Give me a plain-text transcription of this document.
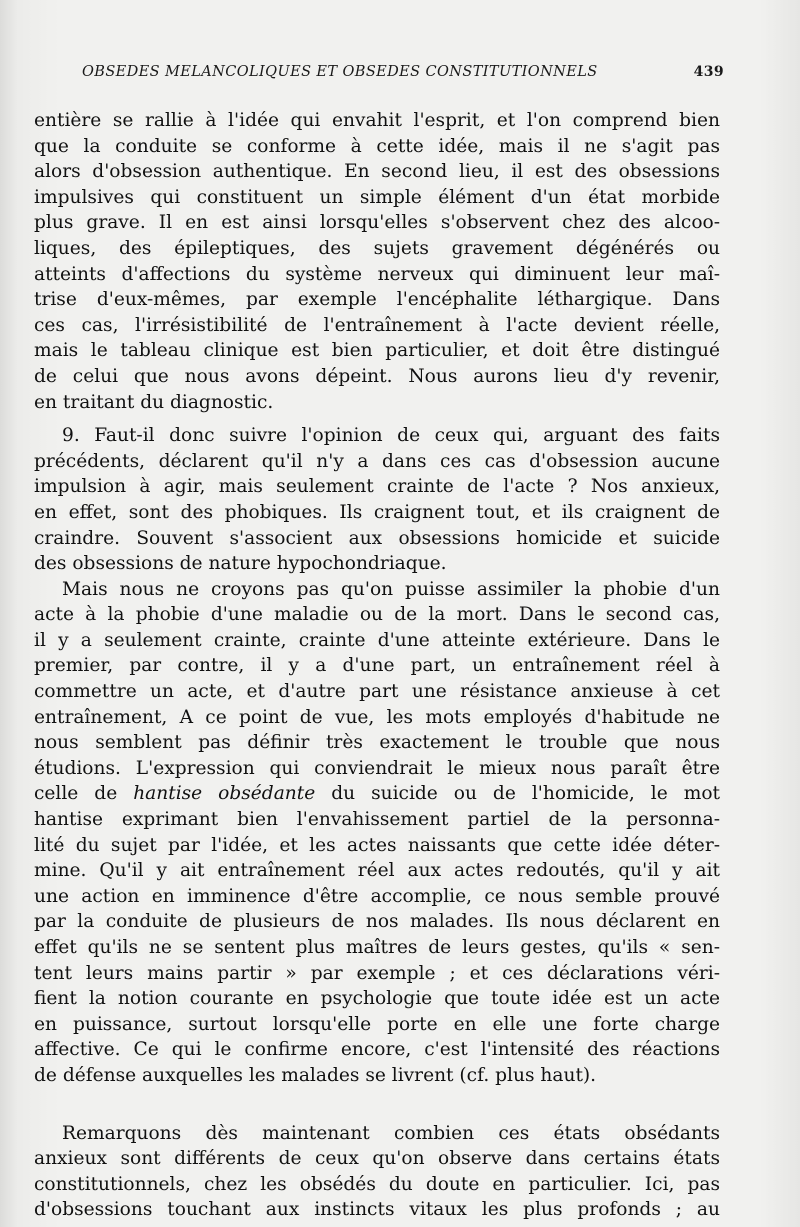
OBSEDES MELANCOLIQUES ET OBSEDES CONSTITUTIONNELS	439

entière se rallie à l'idée qui envahit l'esprit, et l'on comprend bien

que la conduite se conforme à cette idée, mais il ne s'agit pas

alors d'obsession authentique. En second lieu, il est des obsessions

impulsives qui constituent un simple élément d'un état morbide

plus grave. Il en est ainsi lorsqu'elles s'observent chez des alcoo-

liques, des épileptiques, des sujets gravement dégénérés ou

atteints d'affections du système nerveux qui diminuent leur maî-

trise d'eux-mêmes, par exemple l'encéphalite léthargique. Dans

ces cas, l'irrésistibilité de l'entraînement à l'acte devient réelle,

mais le tableau clinique est bien particulier, et doit être distingué

de celui que nous avons dépeint. Nous aurons lieu d'y revenir,

en traitant du diagnostic.

9. Faut-il donc suivre l'opinion de ceux qui, arguant des faits

précédents, déclarent qu'il n'y a dans ces cas d'obsession aucune

impulsion à agir, mais seulement crainte de l'acte ? Nos anxieux,

en effet, sont des phobiques. Ils craignent tout, et ils craignent de

craindre. Souvent s'associent aux obsessions homicide et suicide

des obsessions de nature hypochondriaque.

Mais nous ne croyons pas qu'on puisse assimiler la phobie d'un

acte à la phobie d'une maladie ou de la mort. Dans le second cas,

il y a seulement crainte, crainte d'une atteinte extérieure. Dans le

premier, par contre, il y a d'une part, un entraînement réel à

commettre un acte, et d'autre part une résistance anxieuse à cet

entraînement, A ce point de vue, les mots employés d'habitude ne

nous semblent pas définir très exactement le trouble que nous

étudions. L'expression qui conviendrait le mieux nous paraît être

celle de hantise obsédante du suicide ou de l'homicide, le mot

hantise exprimant bien l'envahissement partiel de la personna-

lité du sujet par l'idée, et les actes naissants que cette idée déter-

mine. Qu'il y ait entraînement réel aux actes redoutés, qu'il y ait

une action en imminence d'être accomplie, ce nous semble prouvé

par la conduite de plusieurs de nos malades. Ils nous déclarent en

effet qu'ils ne se sentent plus maîtres de leurs gestes, qu'ils « sen-

tent leurs mains partir » par exemple ; et ces déclarations véri-

fient la notion courante en psychologie que toute idée est un acte

en puissance, surtout lorsqu'elle porte en elle une forte charge

affective. Ce qui le confirme encore, c'est l'intensité des réactions

de défense auxquelles les malades se livrent (cf. plus haut).

Remarquons dès maintenant combien ces états obsédants

anxieux sont différents de ceux qu'on observe dans certains états

constitutionnels, chez les obsédés du doute en particulier. Ici, pas

d'obsessions touchant aux instincts vitaux les plus profonds ; au
